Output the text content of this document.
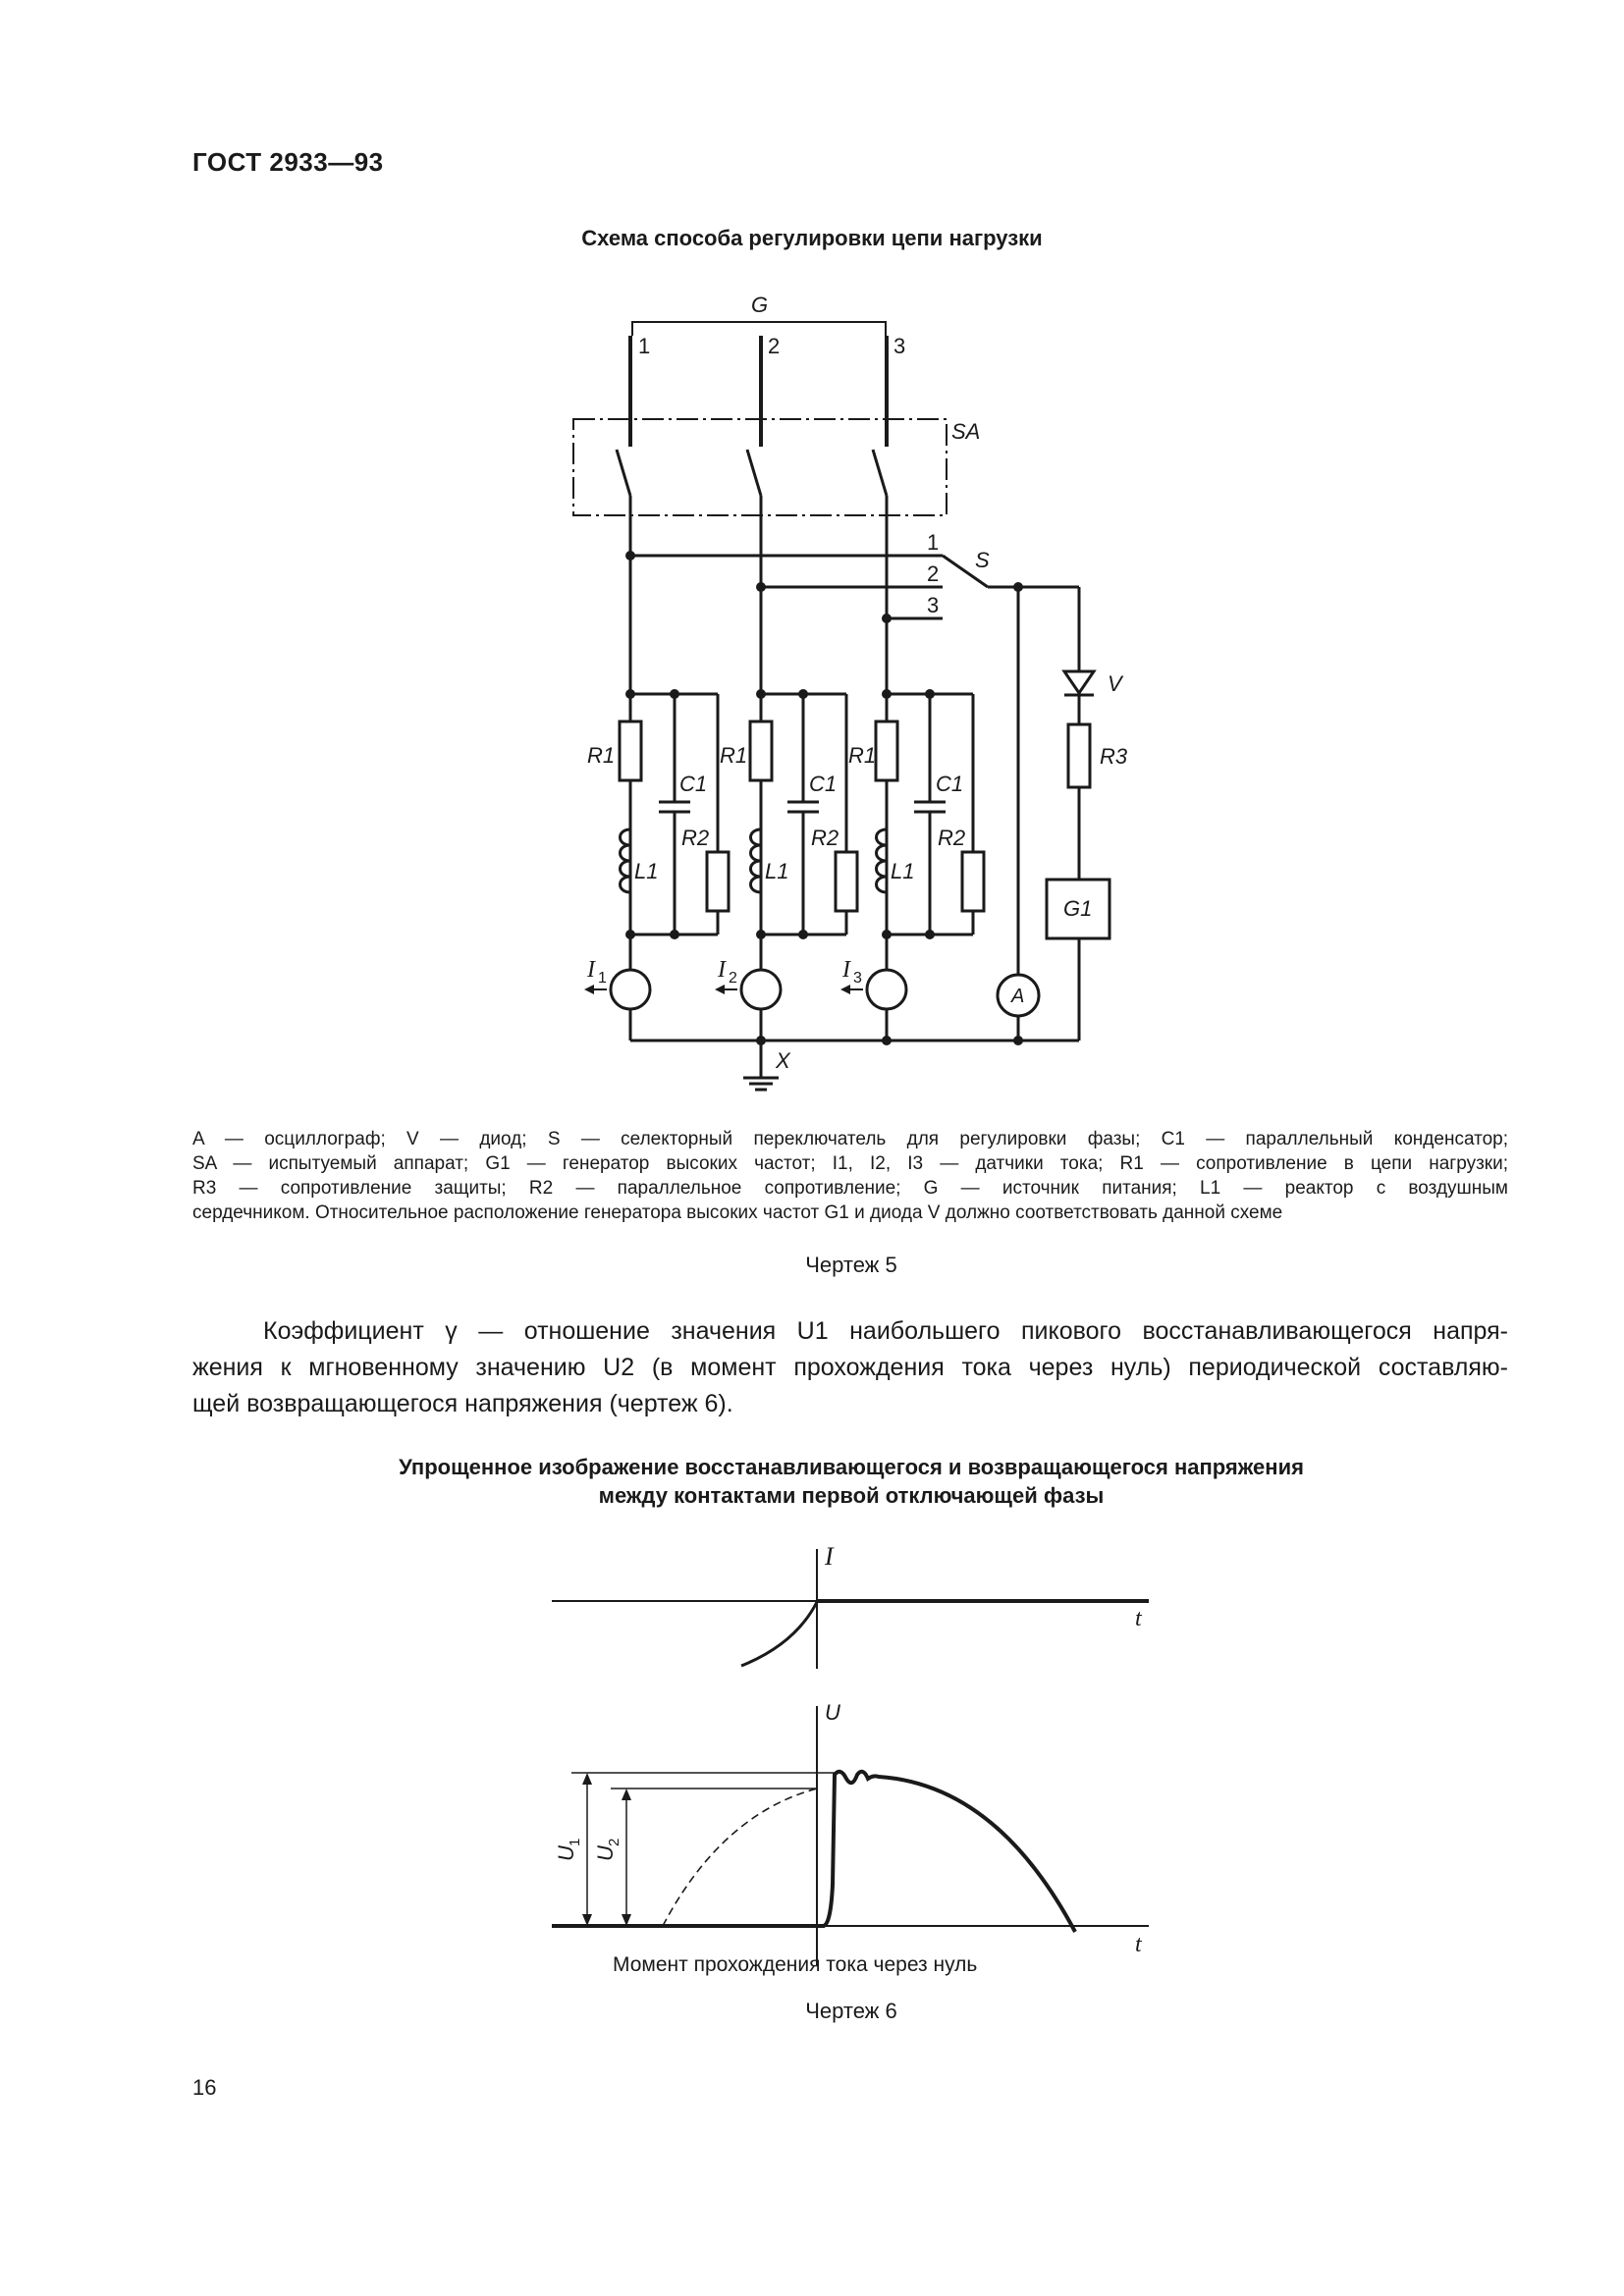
ГОСТ 2933—93
Схема способа регулировки цепи нагрузки
G
1	2	3
SA
1
2
3
S
V
R3
G1
A
X
R1
C1
R2
L1
I 1
R1
C1
R2
L1
I 2
R1
C1
R2
L1
I 3
A — осциллограф; V — диод; S — селекторный переключатель для регулировки фазы; C1 — параллельный конденсатор;
SA — испытуемый аппарат; G1 — генератор высоких частот; I1, I2, I3 — датчики тока; R1 — сопротивление в цепи нагрузки;
R3 — сопротивление защиты; R2 — параллельное сопротивление; G — источник питания; L1 — реактор с воздушным
сердечником. Относительное расположение генератора высоких частот G1 и диода V должно соответствовать данной схеме
Чертеж 5
Коэффициент γ — отношение значения U1 наибольшего пикового восстанавливающегося напря-
жения к мгновенному значению U2 (в момент прохождения тока через нуль) периодической составляю-
щей возвращающегося напряжения (чертеж 6).
Упрощенное изображение восстанавливающегося и возвращающегося напряжения
между контактами первой отключающей фазы
I
t
U
t
U
1
U
2
Момент прохождения тока через нуль
Чертеж 6
16
